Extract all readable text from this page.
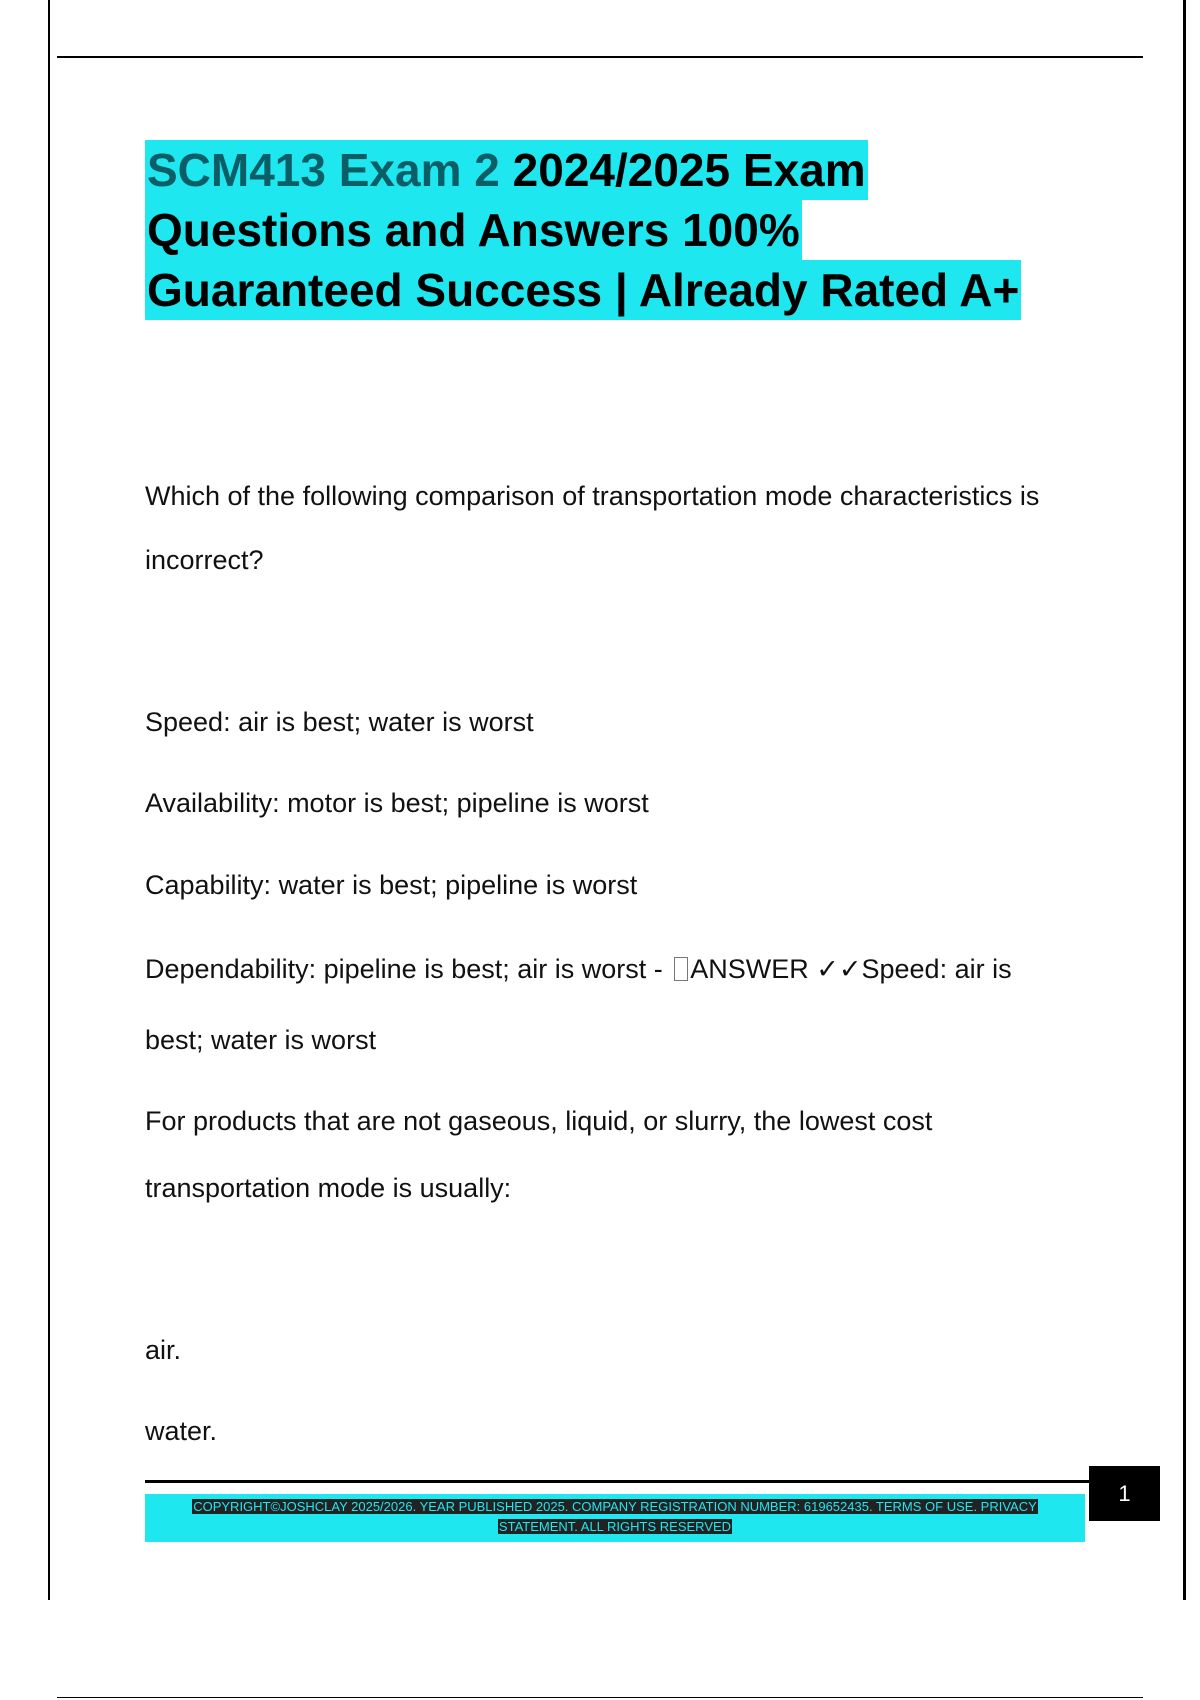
SCM413 Exam 2 2024/2025 Exam
Questions and Answers 100%
Guaranteed Success | Already Rated A+

Which of the following comparison of transportation mode characteristics is

incorrect?

Speed: air is best; water is worst

Availability: motor is best; pipeline is worst

Capability: water is best; pipeline is worst

Dependability: pipeline is best; air is worst - ANSWER ✓✓Speed: air is

best; water is worst

For products that are not gaseous, liquid, or slurry, the lowest cost

transportation mode is usually:

air.

water.

COPYRIGHT©JOSHCLAY 2025/2026. YEAR PUBLISHED 2025. COMPANY REGISTRATION NUMBER: 619652435. TERMS OF USE. PRIVACY
STATEMENT. ALL RIGHTS RESERVED
1
